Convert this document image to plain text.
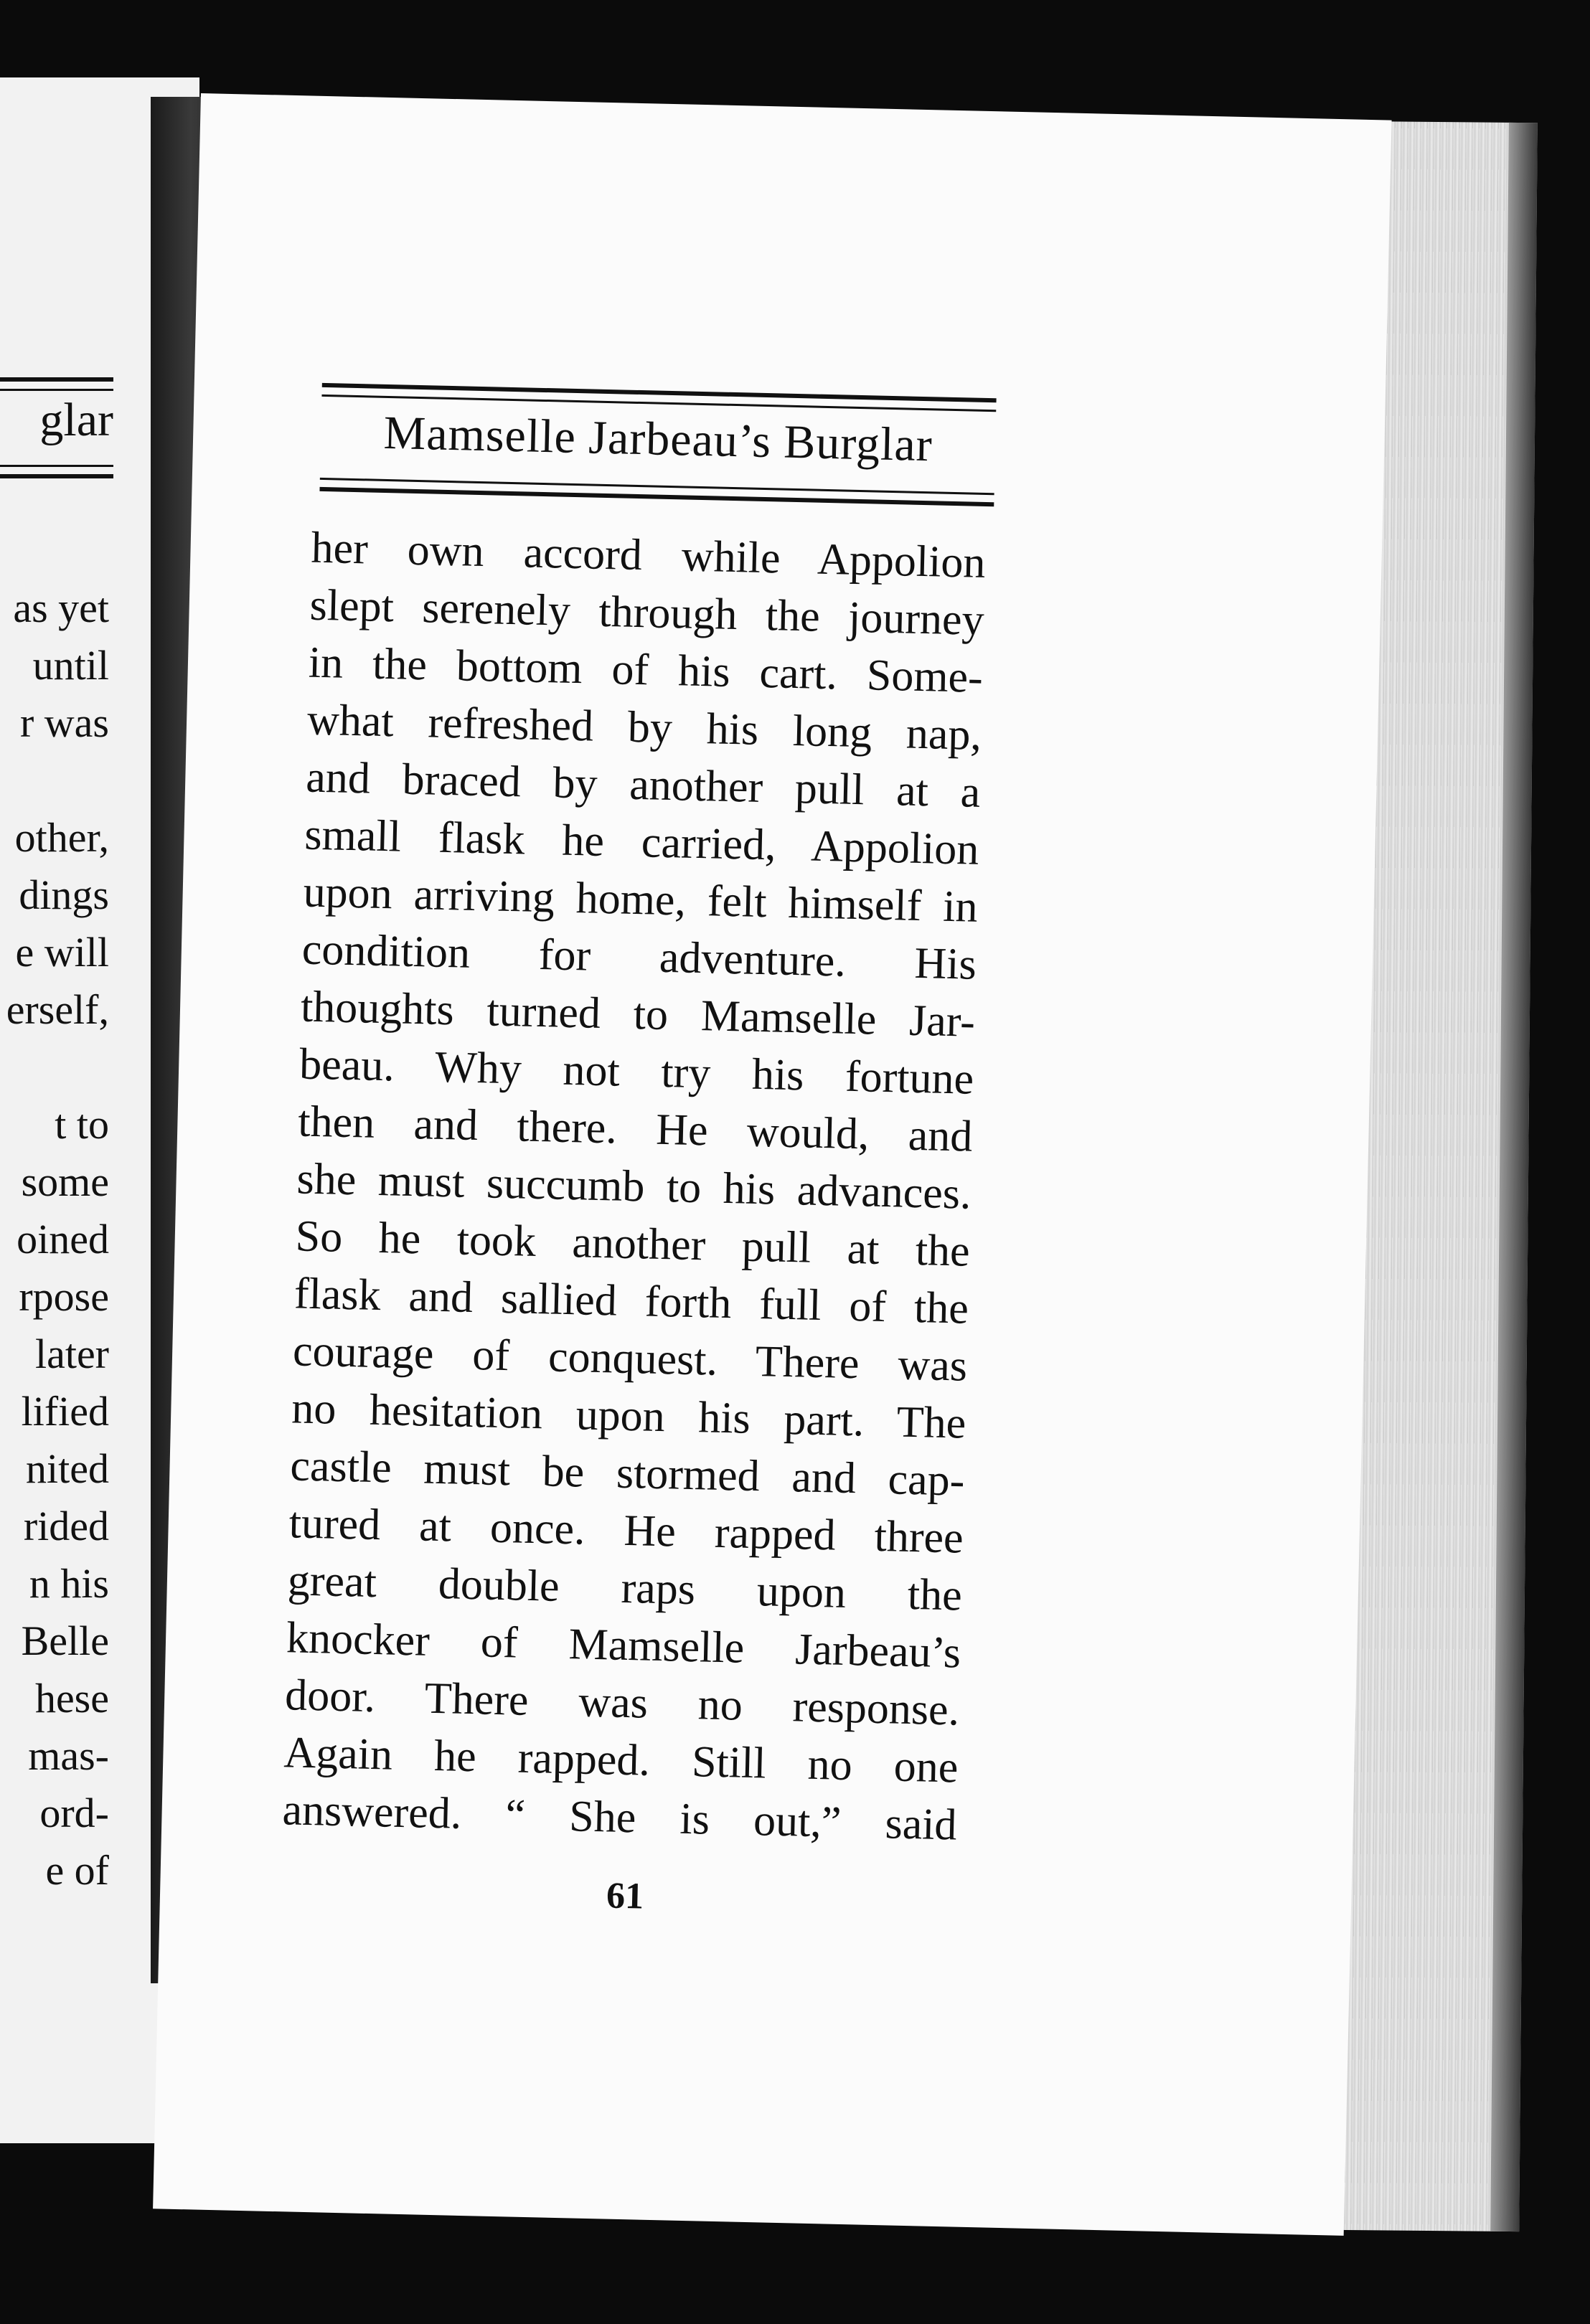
glar
as yet
until
r was
other,
dings
e will
erself,
t to
some
oined
rpose
later
lified
nited
rided
n his
Belle
hese
mas-
ord-
e of
Mamselle Jarbeau’s Burglar
her own accord while Appolion
slept serenely through the journey
in the bottom of his cart. Some-
what refreshed by his long nap,
and braced by another pull at a
small flask he carried, Appolion
upon arriving home, felt himself in
condition for adventure. His
thoughts turned to Mamselle Jar-
beau. Why not try his fortune
then and there. He would, and
she must succumb to his advances.
So he took another pull at the
flask and sallied forth full of the
courage of conquest. There was
no hesitation upon his part. The
castle must be stormed and cap-
tured at once. He rapped three
great double raps upon the
knocker of Mamselle Jarbeau’s
door. There was no response.
Again he rapped. Still no one
answered. “ She is out,” said
61
